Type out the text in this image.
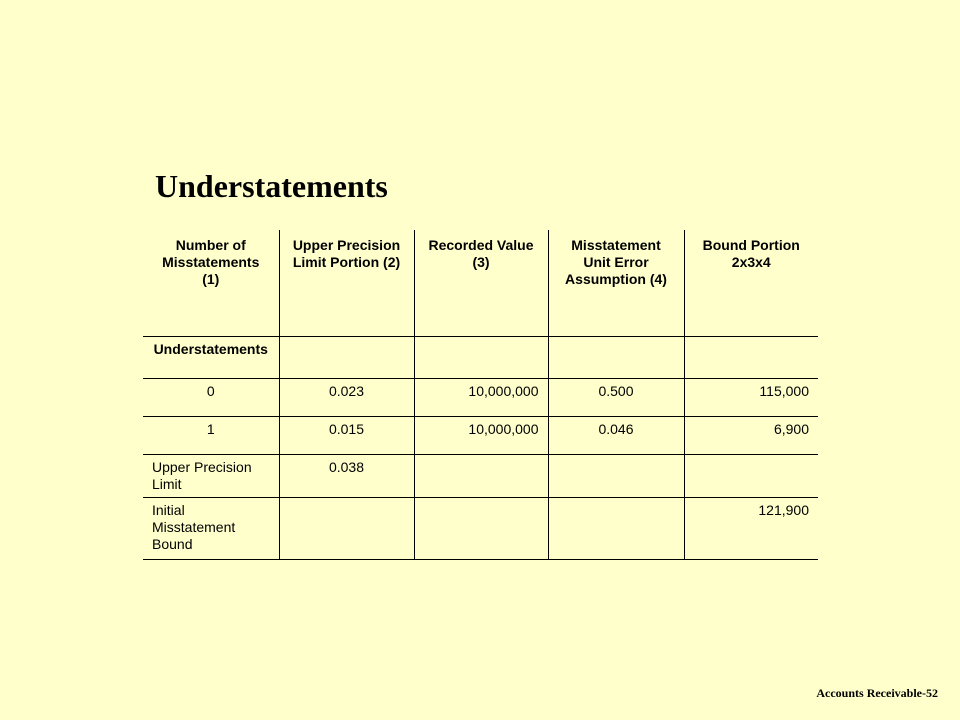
Understatements
Number of Misstatements (1)	Upper Precision Limit Portion (2)	Recorded Value (3)	Misstatement Unit Error Assumption (4)	Bound Portion 2x3x4
Understatements				
0	0.023	10,000,000	0.500	115,000
1	0.015	10,000,000	0.046	6,900
Upper Precision Limit	0.038			
Initial Misstatement Bound				121,900
Accounts Receivable-52
